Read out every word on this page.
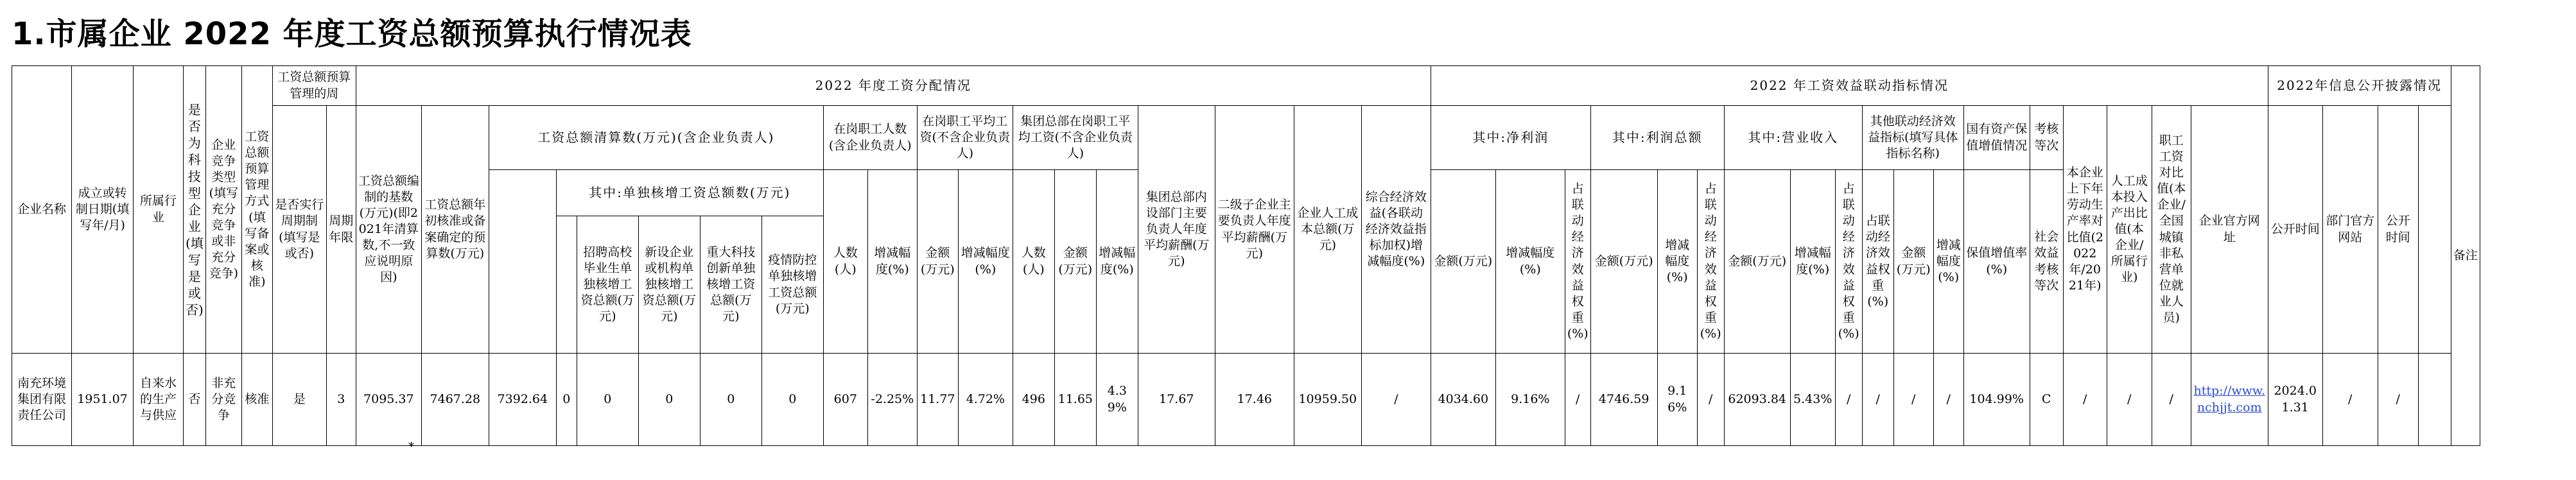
1.市属企业 2022 年度工资总额预算执行情况表
企业名称	成立或转制日期(填写年/月)	所属行业	是否为科技型企业(填写是或否)	企业竞争类型(填写充分竞争或非充分竞争)	工资总额预算管理方式(填写备案或核准)	工资总额预算管理的周		2022 年度工资分配情况																			2022 年工资效益联动指标情况																		2022年信息公开披露情况				备注
						是否实行周期制(填写是或否)	周期年限	工资总额编制的基数(万元)(即2021年清算数,不一致应说明原因)	工资总额年初核准或备案确定的预算数(万元)	工资总额清算数(万元)(含企业负责人)						在岗职工人数(含企业负责人)		在岗职工平均工资(不含企业负责人)		集团总部在岗职工平均工资(不含企业负责人)			集团总部内设部门主要负责人年度平均薪酬(万元)	二级子企业主要负责人年度平均薪酬(万元)	企业人工成本总额(万元)	综合经济效益(各联动经济效益指标加权)增减幅度(%)	其中:净利润			其中:利润总额			其中:营业收入			其他联动经济效益指标(填写具体指标名称)			国有资产保值增值情况	考核等次	本企业上下年劳动生产率对比值(2022年/2021年)	人工成本投入产出比值(本企业/所属行业)	职工工资对比值(本企业/全国城镇非私营单位就业人员)	企业官方网址	公开时间	部门官方网站	公开时间		
											其中:单独核增工资总额数(万元)					人数(人)	增减幅度(%)	金额(万元)	增减幅度(%)	人数(人)	金额(万元)	增减幅度(%)					金额(万元)	增减幅度(%)	占联动经济效益权重(%)	金额(万元)	增减幅度(%)	占联动经济效益权重(%)	金额(万元)	增减幅度(%)	占联动经济效益权重(%)	占联动经济效益权重(%)	金额(万元)	增减幅度(%)	保值增值率(%)	社会效益考核等次									
												招聘高校毕业生单独核增工资总额(万元)	新设企业或机构单独核增工资总额(万元)	重大科技创新单独核增工资总额(万元)	疫情防控单独核增工资总额(万元)																																		
南充环境集团有限责任公司	1951.07	自来水的生产与供应	否	非充分竞争	核准	是	3	7095.37	7467.28	7392.64	0	0	0	0	0	607	-2.25%	11.77	4.72%	496	11.65	4.39%	17.67	17.46	10959.50	/	4034.60	9.16%	/	4746.59	9.16%	/	62093.84	5.43%	/	/	/	/	104.99%	C	/	/	/	http://www.nchjjt.com	2024.01.31	/	/		
*
